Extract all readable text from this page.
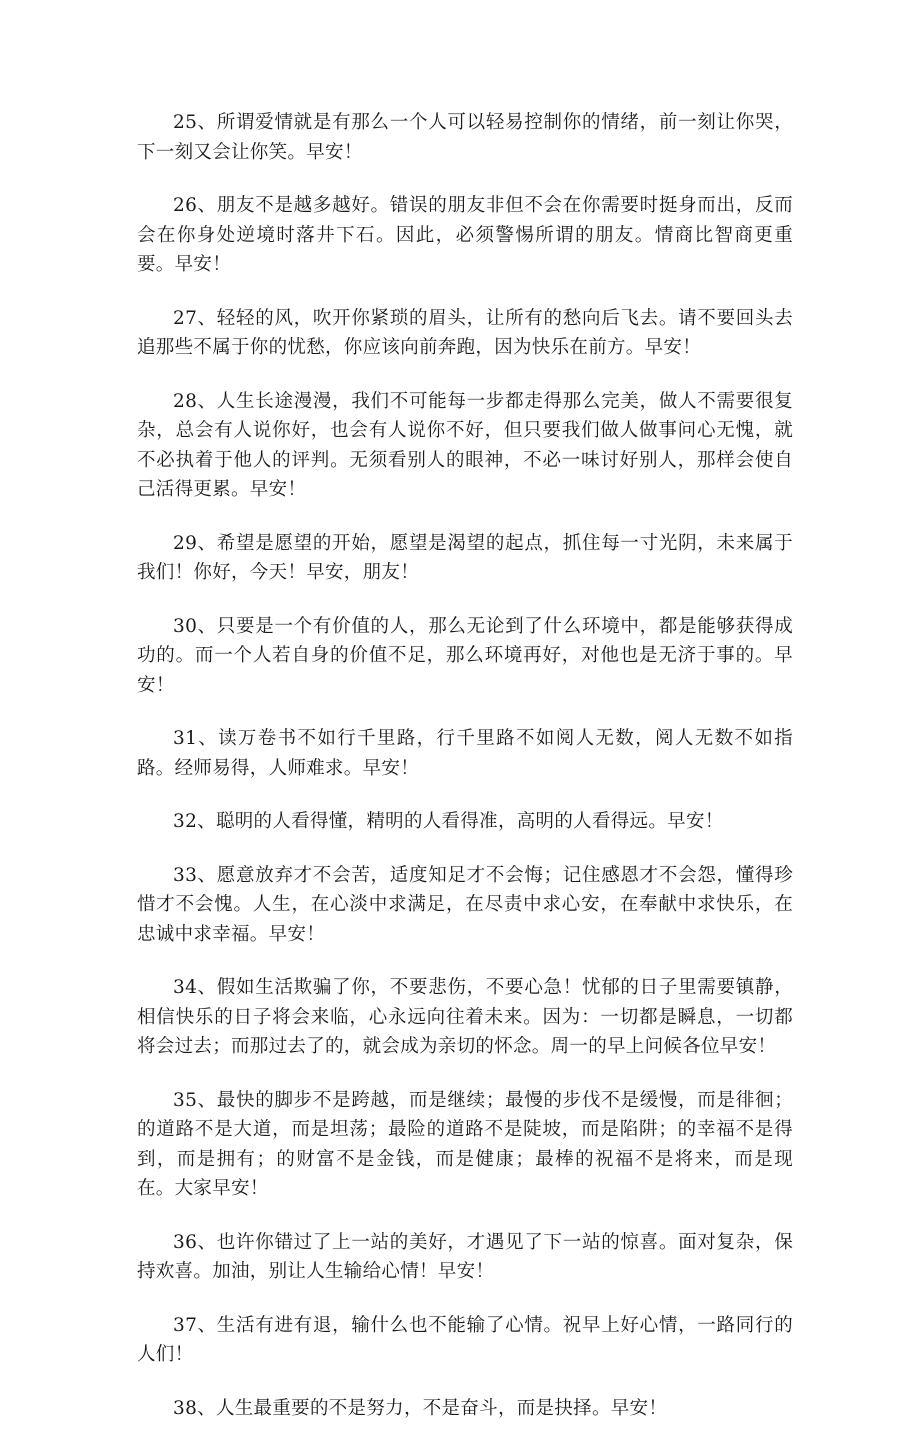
25、所谓爱情就是有那么一个人可以轻易控制你的情绪，前一刻让你哭，下一刻又会让你笑。早安！

26、朋友不是越多越好。错误的朋友非但不会在你需要时挺身而出，反而会在你身处逆境时落井下石。因此，必须警惕所谓的朋友。情商比智商更重要。早安！

27、轻轻的风，吹开你紧琐的眉头，让所有的愁向后飞去。请不要回头去追那些不属于你的忧愁，你应该向前奔跑，因为快乐在前方。早安！

28、人生长途漫漫，我们不可能每一步都走得那么完美，做人不需要很复杂，总会有人说你好，也会有人说你不好，但只要我们做人做事问心无愧，就不必执着于他人的评判。无须看别人的眼神，不必一味讨好别人，那样会使自己活得更累。早安！

29、希望是愿望的开始，愿望是渴望的起点，抓住每一寸光阴，未来属于我们！你好，今天！早安，朋友！

30、只要是一个有价值的人，那么无论到了什么环境中，都是能够获得成功的。而一个人若自身的价值不足，那么环境再好，对他也是无济于事的。早安！

31、读万卷书不如行千里路，行千里路不如阅人无数，阅人无数不如指路。经师易得，人师难求。早安！

32、聪明的人看得懂，精明的人看得准，高明的人看得远。早安！

33、愿意放弃才不会苦，适度知足才不会悔；记住感恩才不会怨，懂得珍惜才不会愧。人生，在心淡中求满足，在尽责中求心安，在奉献中求快乐，在忠诚中求幸福。早安！

34、假如生活欺骗了你，不要悲伤，不要心急！忧郁的日子里需要镇静，相信快乐的日子将会来临，心永远向往着未来。因为：一切都是瞬息，一切都将会过去；而那过去了的，就会成为亲切的怀念。周一的早上问候各位早安！

35、最快的脚步不是跨越，而是继续；最慢的步伐不是缓慢，而是徘徊；的道路不是大道，而是坦荡；最险的道路不是陡坡，而是陷阱；的幸福不是得到，而是拥有；的财富不是金钱，而是健康；最棒的祝福不是将来，而是现在。大家早安！

36、也许你错过了上一站的美好，才遇见了下一站的惊喜。面对复杂，保持欢喜。加油，别让人生输给心情！早安！

37、生活有进有退，输什么也不能输了心情。祝早上好心情，一路同行的人们！

38、人生最重要的不是努力，不是奋斗，而是抉择。早安！
